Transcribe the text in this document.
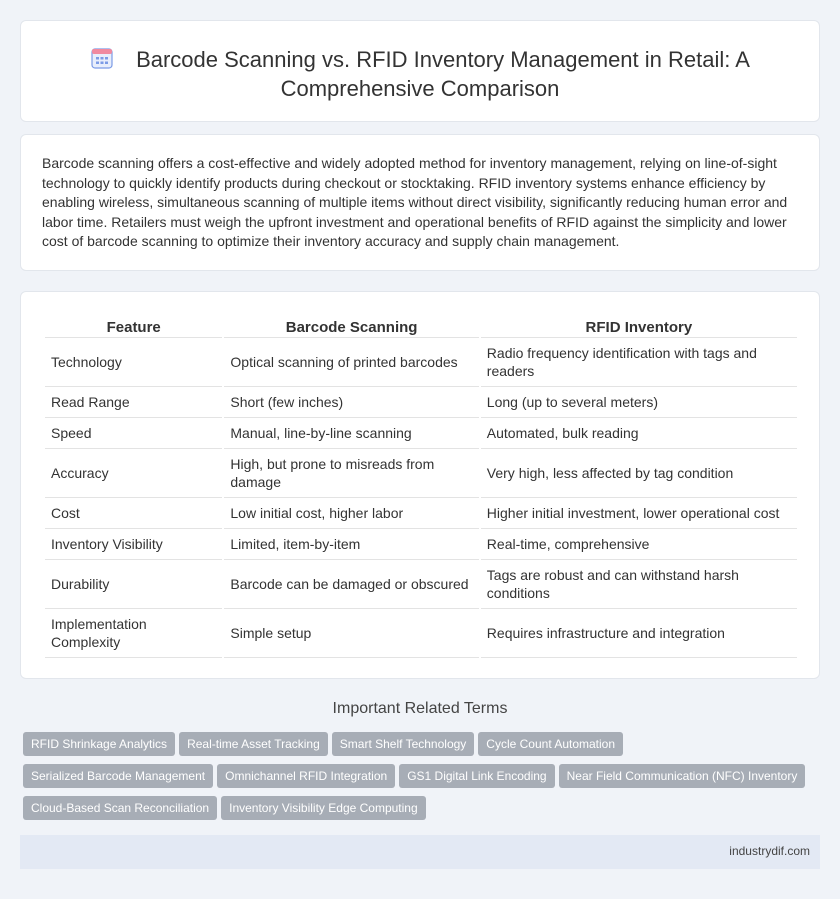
Barcode Scanning vs. RFID Inventory Management in Retail: A Comprehensive Comparison

Barcode scanning offers a cost-effective and widely adopted method for inventory management, relying on line-of-sight technology to quickly identify products during checkout or stocktaking. RFID inventory systems enhance efficiency by enabling wireless, simultaneous scanning of multiple items without direct visibility, significantly reducing human error and labor time. Retailers must weigh the upfront investment and operational benefits of RFID against the simplicity and lower cost of barcode scanning to optimize their inventory accuracy and supply chain management.

Feature	Barcode Scanning	RFID Inventory
Technology	Optical scanning of printed barcodes	Radio frequency identification with tags and readers
Read Range	Short (few inches)	Long (up to several meters)
Speed	Manual, line-by-line scanning	Automated, bulk reading
Accuracy	High, but prone to misreads from damage	Very high, less affected by tag condition
Cost	Low initial cost, higher labor	Higher initial investment, lower operational cost
Inventory Visibility	Limited, item-by-item	Real-time, comprehensive
Durability	Barcode can be damaged or obscured	Tags are robust and can withstand harsh conditions
Implementation Complexity	Simple setup	Requires infrastructure and integration
Important Related Terms
RFID Shrinkage Analytics Real-time Asset Tracking Smart Shelf Technology Cycle Count Automation
Serialized Barcode Management Omnichannel RFID Integration GS1 Digital Link Encoding Near Field Communication (NFC) Inventory
Cloud-Based Scan Reconciliation Inventory Visibility Edge Computing
industrydif.com
